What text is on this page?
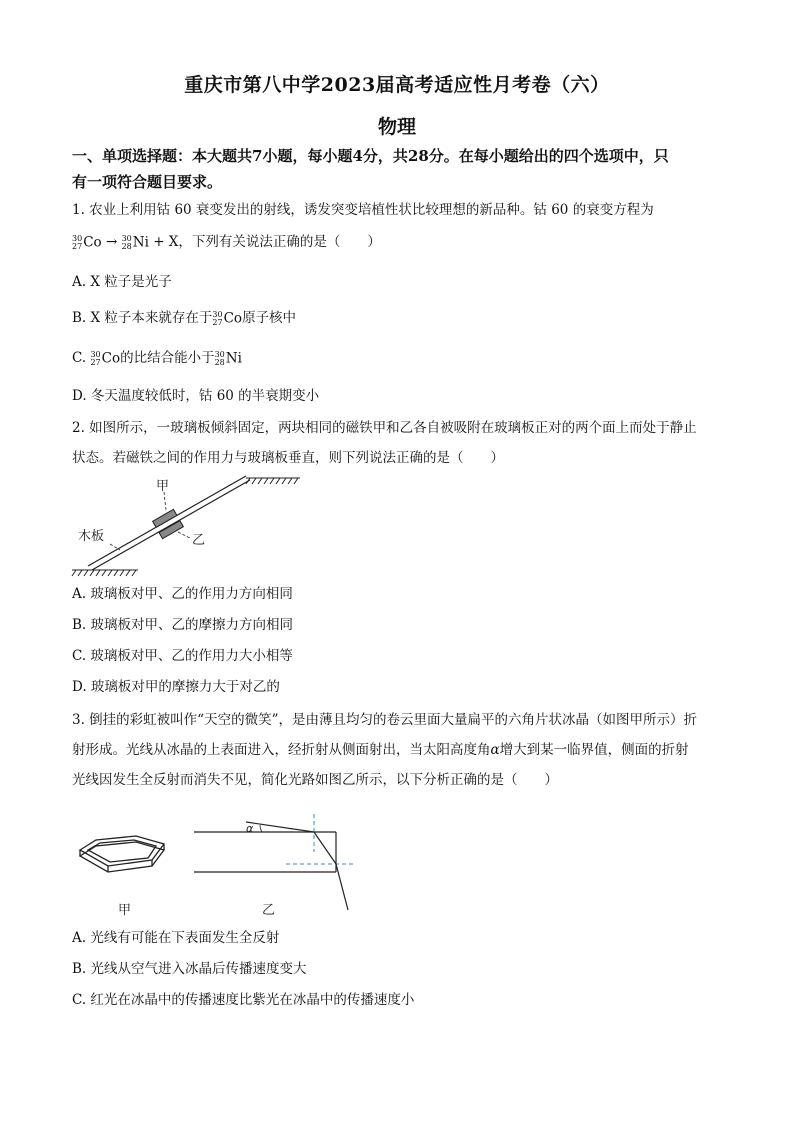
重庆市第八中学2023届高考适应性月考卷（六）
物理
一、单项选择题：本大题共7小题，每小题4分，共28分。在每小题给出的四个选项中，只
有一项符合题目要求。
1. 农业上利用钴 60 衰变发出的射线，诱发突变培植性状比较理想的新品种。钴 60 的衰变方程为
30
27 Co → 30
28 Ni + X，下列有关说法正确的是（　　）
A. X 粒子是光子
B. X 粒子本来就存在于 30
27 Co原子核中
C. 30
27 Co的比结合能小于 30
28 Ni
D. 冬天温度较低时，钴 60 的半衰期变小
2. 如图所示，一玻璃板倾斜固定，两块相同的磁铁甲和乙各自被吸附在玻璃板正对的两个面上而处于静止
状态。若磁铁之间的作用力与玻璃板垂直，则下列说法正确的是（　　）
甲
乙
木板
A. 玻璃板对甲、乙的作用力方向相同
B. 玻璃板对甲、乙的摩擦力方向相同
C. 玻璃板对甲、乙的作用力大小相等
D. 玻璃板对甲的摩擦力大于对乙的
3. 倒挂的彩虹被叫作“天空的微笑”，是由薄且均匀的卷云里面大量扁平的六角片状冰晶（如图甲所示）折
射形成。光线从冰晶的上表面进入，经折射从侧面射出，当太阳高度角α增大到某一临界值，侧面的折射
光线因发生全反射而消失不见，简化光路如图乙所示，以下分析正确的是（　　）
甲
α
乙
A. 光线有可能在下表面发生全反射
B. 光线从空气进入冰晶后传播速度变大
C. 红光在冰晶中的传播速度比紫光在冰晶中的传播速度小
